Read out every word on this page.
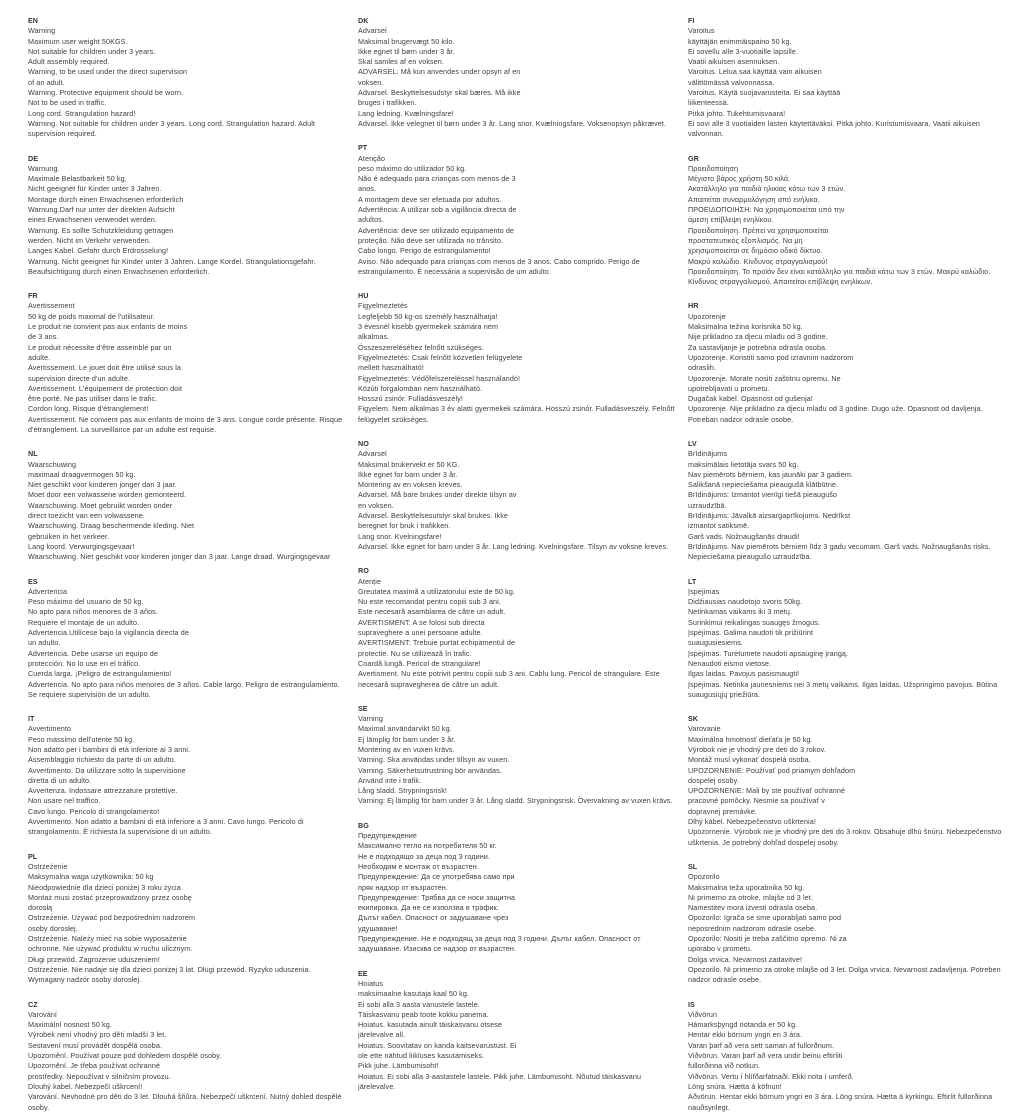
EN
Warning
Maximum user weight 50KGS.
Not suitable for children under 3 years.
Adult assembly required.
Warning, to be used under the direct supervision
of an adult.
Warning. Protective equipment should be worn.
Not to be used in traffic.
Long cord. Strangulation hazard!
Warning. Not suitable for children under 3 years. Long cord. Strangulation hazard. Adult supervision required.
DE
Warnung.
Maximale Belastbarkeit 50 kg.
Nicht geeignet für Kinder unter 3 Jahren.
Montage durch einen Erwachsenen erforderlich
Warnung.Darf nur unter der direkten Aufsicht
eines Erwachsenen verwendet werden.
Warnung. Es sollte Schutzkleidung getragen
werden. Nicht im Verkehr verwenden.
Langes Kabel. Gefahr durch Erdrosselung!
Warnung. Nicht geeignet für Kinder unter 3 Jahren. Lange Kordel. Strangulationsgefahr. Beaufsichtigung durch einen Erwachsenen erforderlich.
FR
Avertissement
50 kg de poids maximal de l'utilisateur.
Le produit ne convient pas aux enfants de moins
de 3 ans.
Le produit nécessite d'être assemblé par un
adulte.
Avertissement. Le jouet doit être utilisé sous la
supervision directe d'un adulte.
Avertissement. L'équipement de protection doit
être porté. Ne pas utiliser dans le trafic.
Cordon long. Risque d'étranglement!
Avertissement. Ne convient pas aux enfants de moins de 3 ans. Longue corde présente. Risque d'étranglement. La surveillance par un adulte est requise.
NL
Waarschuwing
maximaal draagvermogen 50 kg.
Niet geschikt voor kinderen jonger dan 3 jaar.
Moet door een volwassene worden gemonteerd.
Waarschuwing. Moet gebruikt worden onder
direct toezicht van een volwassene.
Waarschuwing. Draag beschermende kleding. Niet
gebruiken in het verkeer.
Lang koord. Verwurgingsgevaar!
Waarschuwing. Niet geschikt voor kinderen jonger dan 3 jaar. Lange draad. Wurgingsgevaar
ES
Advertencia
Peso máximo del usuario de 50 kg.
No apto para niños menores de 3 años.
Requiere el montaje de un adulto.
Advertencia.Utilícese bajo la vigilancia directa de
un adulto.
Advertencia. Debe usarse un equipo de
protección. No lo use en el tráfico.
Cuerda larga. ¡Peligro de estrangulamiento!
Advertencia. No apto para niños menores de 3 años. Cable largo. Peligro de estrangulamiento. Se requiere supervisión de un adulto.
IT
Avvertimento
Peso massimo dell'utente 50 kg.
Non adatto per i bambini di età inferiore ai 3 anni.
Assemblaggio richiesto da parte di un adulto.
Avvertimento. Da utilizzare sotto la supervisione
diretta di un adulto.
Avvertenza. Indossare attrezzature protettive.
Non usare nel traffico.
Cavo lungo. Pericolo di strangolamento!
Avvertimento. Non adatto a bambini di età inferiore a 3 anni. Cavo lungo. Pericolo di strangolamento. È richiesta la supervisione di un adulto.
PL
Ostrzeżenie
Maksymalna waga użytkownika: 50 kg
Nieodpowiednie dla dzieci poniżej 3 roku życia
Montaż musi zostać przeprowadzony przez osobę
dorosłą
Ostrzeżenie. Używać pod bezpośrednim nadzorem
osoby dorosłej.
Ostrzeżenie. Należy mieć na sobie wyposażenie
ochronne. Nie używać produktu w ruchu ulicznym.
Długi przewód. Zagrożenie uduszeniem!
Ostrzeżenie. Nie nadaje się dla dzieci poniżej 3 lat. Długi przewód. Ryzyko uduszenia. Wymagany nadzór osoby dorosłej.
CZ
Varování
Maximální nosnost 50 kg.
Výrobek není vhodný pro děti mladší 3 let.
Sestavení musí provádět dospělá osoba.
Upozornění. Používat pouze pod dohledem dospělé osoby.
Upozornění. Je třeba používat ochranné
prostředky. Nepoužívat v silničním provozu.
Dlouhý kabel. Nebezpečí uškrcení!
Varování. Nevhodné pro děti do 3 let. Dlouhá šňůra. Nebezpečí uškrcení. Nutný dohled dospělé osoby.
DK
Advarsel
Maksimal brugervægt 50 kilo.
Ikke egnet til børn under 3 år.
Skal samles af en voksen.
ADVARSEL: Må kun anvendes under opsyn af en
voksen.
Advarsel. Beskyttelsesudstyr skal bæres. Må ikke
bruges i trafikken.
Lang ledning. Kvælningsfare!
Advarsel. Ikke velegnet til børn under 3 år. Lang snor. Kvælningsfare. Voksenopsyn påkrævet.
PT
Atenção
peso máximo do utilizador 50 kg.
Não é adequado para crianças com menos de 3
anos.
A montagem deve ser efetuada por adultos.
Advertência: A utilizar sob a vigilância directa de
adultos.
Advertência: deve ser utilizado equipamento de
proteção. Não deve ser utilizada no trânsito.
Cabo longo. Perigo de estrangulamento!
Aviso. Não adequado para crianças com menos de 3 anos. Cabo comprido. Perigo de estrangulamento. É necessária a supervisão de um adulto.
HU
Figyelmeztetés
Legfeljebb 50 kg-os személy használhatja!
3 évesnél kisebb gyermekek számára nem
alkalmas.
Összeszereléséhez felnőtt szükséges.
Figyelmeztetés: Csak felnőtt közvetlen felügyelete
mellett használható!
Figyelmeztetés: Védőfelszereléssel használandó!
Közúti forgalomban nem használható.
Hosszú zsinór. Fulladásveszély!
Figyelem. Nem alkalmas 3 év alatti gyermekek számára. Hosszú zsinór. Fulladásveszély. Felnőtt felügyelet szükséges.
NO
Advarsel
Maksimal brukervekt er 50 KG.
Ikke egnet for barn under 3 år.
Montering av en voksen kreves.
Advarsel. Må bare brukes under direkte tilsyn av
en voksen.
Advarsel. Beskyttelsesutstyr skal brukes. Ikke
beregnet for bruk i trafikken.
Lang snor. Kvelningsfare!
Advarsel. Ikke egnet for barn under 3 år. Lang ledning. Kvelningsfare. Tilsyn av voksne kreves.
RO
Atenție
Greutatea maximă a utilizatorului este de 50 kg.
Nu este recomandat pentru copiii sub 3 ani.
Este necesară asamblarea de către un adult.
AVERTISMENT: A se folosi sub directa
supraveghere a unei persoane adulte.
AVERTISMENT: Trebuie purtat echipamentul de
protectie. Nu se utilizează în trafic.
Coardă lungă. Pericol de strangulare!
Avertisment. Nu este potrivit pentru copiii sub 3 ani. Cablu lung. Pericol de strangulare. Este necesară supravegherea de către un adult.
SE
Varning
Maximal användarvikt 50 kg.
Ej lämplig för barn under 3 år.
Montering av en vuxen krävs.
Varning. Ska användas under tillsyn av vuxen.
Varning. Säkerhetsutrustning bör användas.
Använd inte i trafik.
Lång sladd. Strypningsrisk!
Varning: Ej lämplig för barn under 3 år. Lång sladd. Strypningsrisk. Övervakning av vuxen krävs.
BG
Предупреждение
Максимално тегло на потребителя 50 кг.
Не е подходящо за деца под 3 години.
Необходим е монтаж от възрастен.
Предупреждение: Да се употребява само при
пряк надзор от възрастен.
Предупреждение: Трябва да се носи защитна
екипировка. Да не се използва в трафик.
Дълъг кабел. Опасност от задушаване чрез
удушаване!
Предупреждение. Не е подходящ за деца под 3 години. Дълъг кабел. Опасност от задушаване. Изисква се надзор от възрастен.
EE
Hoiatus
maksimaalne kasutaja kaal 50 kg.
Ei sobi alla 3 aasta vanustele lastele.
Täiskasvanu peab toote kokku panema.
Hoiatus. kasutada ainult täiskasvanu otsese
järelevalve all.
Hoiatus. Soovitatav on kanda kaitsevarustust. Ei
ole ette nähtud liikluses kasutamiseks.
Pikk juhe. Lämbumisoht!
Hoiatus. Ei sobi alla 3-aastastele lastele. Pikk juhe. Lämbumisoht. Nõutud täiskasvanu järelevalve.
FI
Varoitus
käyttäjän enimmäispaino 50 kg.
Ei sovellu alle 3-vuotiaille lapsille.
Vaatii aikuisen asennuksen.
Varoitus. Lelua saa käyttää vain aikuisen
välittömässä valvonnassa.
Varoitus. Käytä suojavarusteita. Ei saa käyttää
liikenteessä.
Pitkä johto. Tukehtumisvaara!
Ei sovi alle 3 vuotiaiden lasten käytettäväksi. Pitkä johto. Kuristumisvaara. Vaatii aikuisen valvonnan.
GR
Προειδοποίηση
Μέγιστο βάρος χρήστη 50 κιλά.
Ακατάλληλο για παιδιά ηλικίας κάτω των 3 ετών.
Απαιτείται συναρμολόγηση από ενήλικα.
ΠΡΟΕΙΔΟΠΟΙΗΣΗ: Να χρησιμοποιείται υπό την
άμεση επίβλεψη ενηλίκου.
Προειδοποίηση. Πρέπει να χρησιμοποιείται
προστατευτικός εξοπλισμός. Να μη
χρησιμοποιείται σε δημόσιο οδικό δίκτυο.
Μακρύ καλώδιο. Κίνδυνος στραγγαλισμού!
Προειδοποίηση. Το προϊόν δεν είναι κατάλληλο για παιδιά κάτω των 3 ετών. Μακρύ καλώδιο. Κίνδυνος στραγγαλισμού. Απαιτείται επίβλεψη ενηλίκων.
HR
Upozorenje
Maksimalna težina korisnika 50 kg.
Nije prikladno za djecu mlađu od 3 godine.
Za sastavljanje je potrebna odrasla osoba.
Upozorenje. Koristiti samo pod izravnim nadzorom
odraslih.
Upozorenje. Morate nositi zaštitnu opremu. Ne
upotrebljavati u prometu.
Dugačak kabel. Opasnost od gušenja!
Upozorenje. Nije prikladno za djecu mlađu od 3 godine. Dugo uže. Opasnost od davljenja. Potreban nadzor odrasle osobe.
LV
Brīdinājums
maksimālais lietotāja svars 50 kg.
Nav piemērots bērniem, kas jaunāki par 3 gadiem.
Salikšanā nepieciešama pieaugušā klātbūtne.
Brīdinājums: Izmantot vienīgi tiešā pieaugušo
uzraudzībā.
Brīdinājums: Jāvalkā aizsargaprīkojums. Nedrīkst
izmantot satiksmē.
Garš vads. Nožņaugšanās draudi!
Brīdinājums. Nav piemērots bērniem līdz 3 gadu vecumam. Garš vads. Nožņaugšanās risks. Nepieciešama pieaugušo uzraudzība.
LT
Įspėjimas
Didžiausias naudotojo svoris 50kg.
Netinkamas vaikams iki 3 metų.
Surinkimui reikalingas suaugęs žmogus.
Įspėjimas. Galima naudoti tik prižiūrint
suaugusiesiems.
Įspėjimas. Turėtumete naudoti apsauginę įrangą.
Nenaudoti eismo vietose.
Ilgas laidas. Pavojus pasismaugti!
Įspėjimas. Netinka jaunesniems nei 3 metų vaikams. Ilgas laidas. Užspringimo pavojus. Būtina suaugusiųjų priežiūra.
SK
Varovanie
Maximálna hmotnosť dieťaťa je 50 kg.
Výrobok nie je vhodný pre deti do 3 rokov.
Montáž musí vykonať dospelá osoba.
UPOZORNENIE: Používať pod priamym dohľadom
dospelej osoby.
UPOZORNENIE: Mali by ste používať ochranné
pracovné pomôcky. Nesmie sa používať v
dopravnej premávke.
Dlhý kábel. Nebezpečenstvo uškrtenia!
Upozornenie. Výrobok nie je vhodný pre deti do 3 rokov. Obsahuje dlhú šnúru. Nebezpečenstvo uškrtenia. Je potrebný dohľad dospelej osoby.
SL
Opozorilo
Maksimalna teža uporabnika 50 kg.
Ni primerno za otroke, mlajše od 3 let.
Namestitev mora izvesti odrasla oseba.
Opozorilo: Igrača se sme uporabljati samo pod
neposrednim nadzorom odrasle osebe.
Opozorilo: Nositi je treba zaščitno opremo. Ni za
uporabo v prometu.
Dolga vrvica. Nevarnost zadavitve!
Opozorilo. Ni primerno za otroke mlajše od 3 let. Dolga vrvica. Nevarnost zadavljenja. Potreben nadzor odrasle osebe.
IS
Viðvörun
Hámarksþyngd notanda er 50 kg.
Hentar ekki börnum yngri en 3 ára.
Varan þarf að vera sett saman af fullorðnum.
Viðvörun. Varan þarf að vera undir beinu eftirliti
fullorðinna við notkun.
Viðvörun. Vertu í hlífðarfatnaði. Ekki nota í umferð.
Löng snúra. Hætta á köfnun!
Aðvörun. Hentar ekki börnum yngri en 3 ára. Löng snúra. Hætta á kyrkingu. Eftirlit fullorðinna nauðsynlegt.
